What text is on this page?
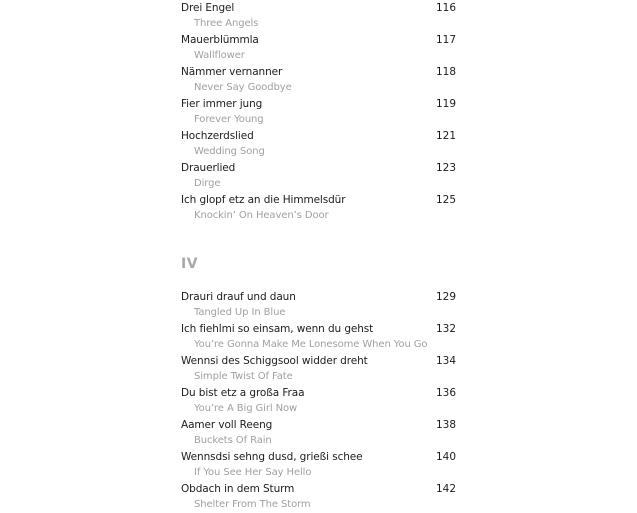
Drei Engel	116
Three Angels
Mauerblümmla	117
Wallflower
Nämmer vernanner	118
Never Say Goodbye
Fier immer jung	119
Forever Young
Hochzerdslied	121
Wedding Song
Drauerlied	123
Dirge
Ich glopf etz an die Himmelsdür	125
Knockin’ On Heaven’s Door
IV
Drauri drauf und daun	129
Tangled Up In Blue
Ich fiehlmi so einsam, wenn du gehst	132
You’re Gonna Make Me Lonesome When You Go
Wennsi des Schiggsool widder dreht	134
Simple Twist Of Fate
Du bist etz a großa Fraa	136
You’re A Big Girl Now
Aamer voll Reeng	138
Buckets Of Rain
Wennsdsi sehng dusd, grießi schee	140
If You See Her Say Hello
Obdach in dem Sturm	142
Shelter From The Storm
